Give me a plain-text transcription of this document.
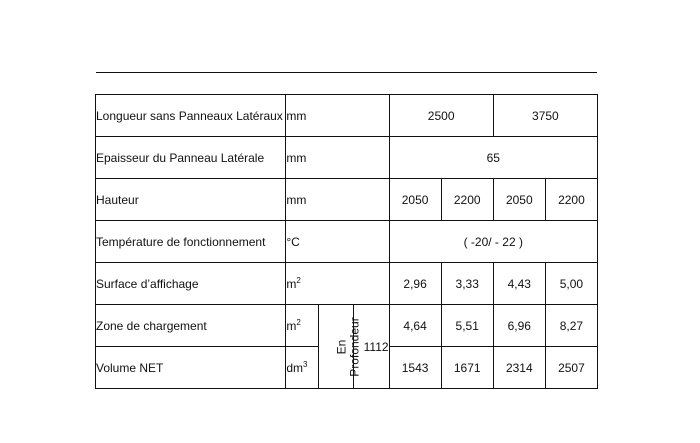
Longueur sans Panneaux Latéraux	mm			2500		3750	
Epaisseur du Panneau Latérale	mm			65			
Hauteur	mm			2050	2200	2050	2200
Température de fonctionnement	°C			( -20/ - 22 )			
Surface d’affichage	$m^2$			2,96	3,33	4,43	5,00
Zone de chargement	$m^2$	En Profondeur	1112	4,64	5,51	6,96	8,27
Volume NET	$dm^3$			1543	1671	2314	2507
